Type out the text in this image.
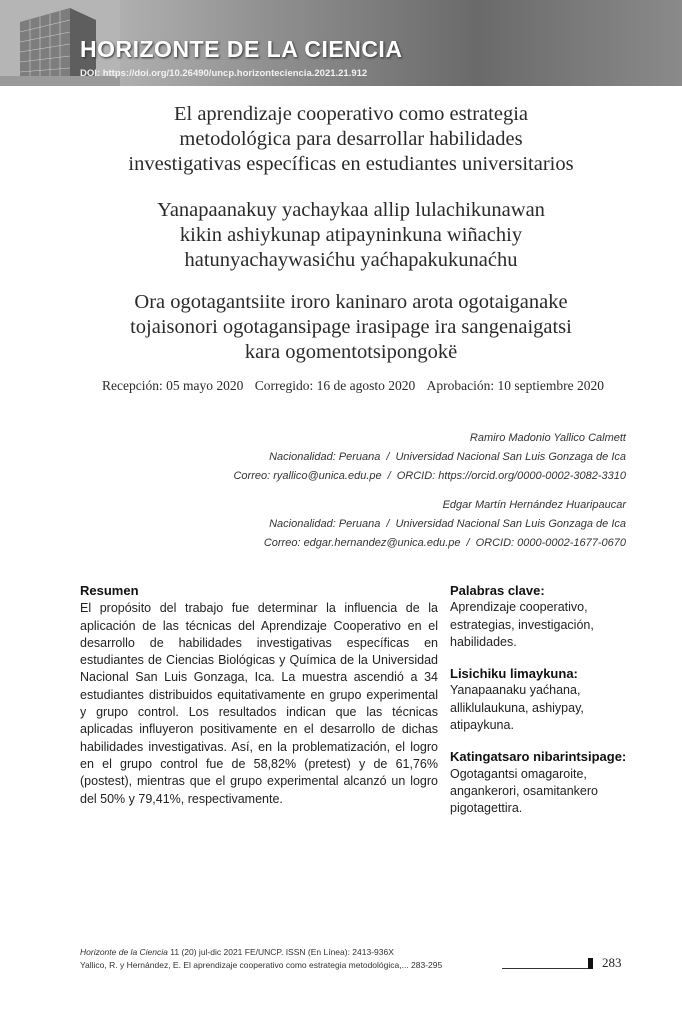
HORIZONTE DE LA CIENCIA
DOI: https://doi.org/10.26490/uncp.horizonteciencia.2021.21.912
El aprendizaje cooperativo como estrategia
metodológica para desarrollar habilidades
investigativas específicas en estudiantes universitarios
Yanapaanakuy yachaykaa allip lulachikunawan
kikin ashiykunap atipayninkuna wiñachiy
hatunyachaywasićhu yaćhapakukunaćhu
Ora ogotagantsiite iroro kaninaro arota ogotaiganake
tojaisonori ogotagansipage irasipage ira sangenaigatsi
kara ogomentotsipongokë
Recepción: 05 mayo 2020 Corregido: 16 de agosto 2020 Aprobación: 10 septiembre 2020
Ramiro Madonio Yallico Calmett
Nacionalidad: Peruana / Universidad Nacional San Luis Gonzaga de Ica
Correo: ryallico@unica.edu.pe / ORCID: https://orcid.org/0000-0002-3082-3310
Edgar Martín Hernández Huaripaucar
Nacionalidad: Peruana / Universidad Nacional San Luis Gonzaga de Ica
Correo: edgar.hernandez@unica.edu.pe / ORCID: 0000-0002-1677-0670
Resumen

El propósito del trabajo fue determinar la influencia de la aplicación de las técnicas del Aprendizaje Cooperativo en el desarrollo de habilidades investigativas específicas en estudiantes de Ciencias Biológicas y Química de la Universidad Nacional San Luis Gonzaga, Ica. La muestra ascendió a 34 estudiantes distribuidos equitativamente en grupo experimental y grupo control. Los resultados indican que las técnicas aplicadas influyeron positivamente en el desarrollo de dichas habilidades investigativas. Así, en la problematización, el logro en el grupo control fue de 58,82% (pretest) y de 61,76% (postest), mientras que el grupo experimental alcanzó un logro del 50% y 79,41%, respectivamente.

Palabras clave:

Aprendizaje cooperativo, estrategias, investigación, habilidades.

Lisichiku limaykuna:

Yanapaanaku yaćhana, alliklulaukuna, ashiypay, atipaykuna.

Katingatsaro nibarintsipage:

Ogotagantsi omagaroite, angankerori, osamitankero pigotagettira.

Horizonte de la Ciencia 11 (20) jul-dic 2021 FE/UNCP. ISSN (En Línea): 2413-936X
Yallico, R. y Hernández, E. El aprendizaje cooperativo como estrategia metodológica,... 283-295	283
